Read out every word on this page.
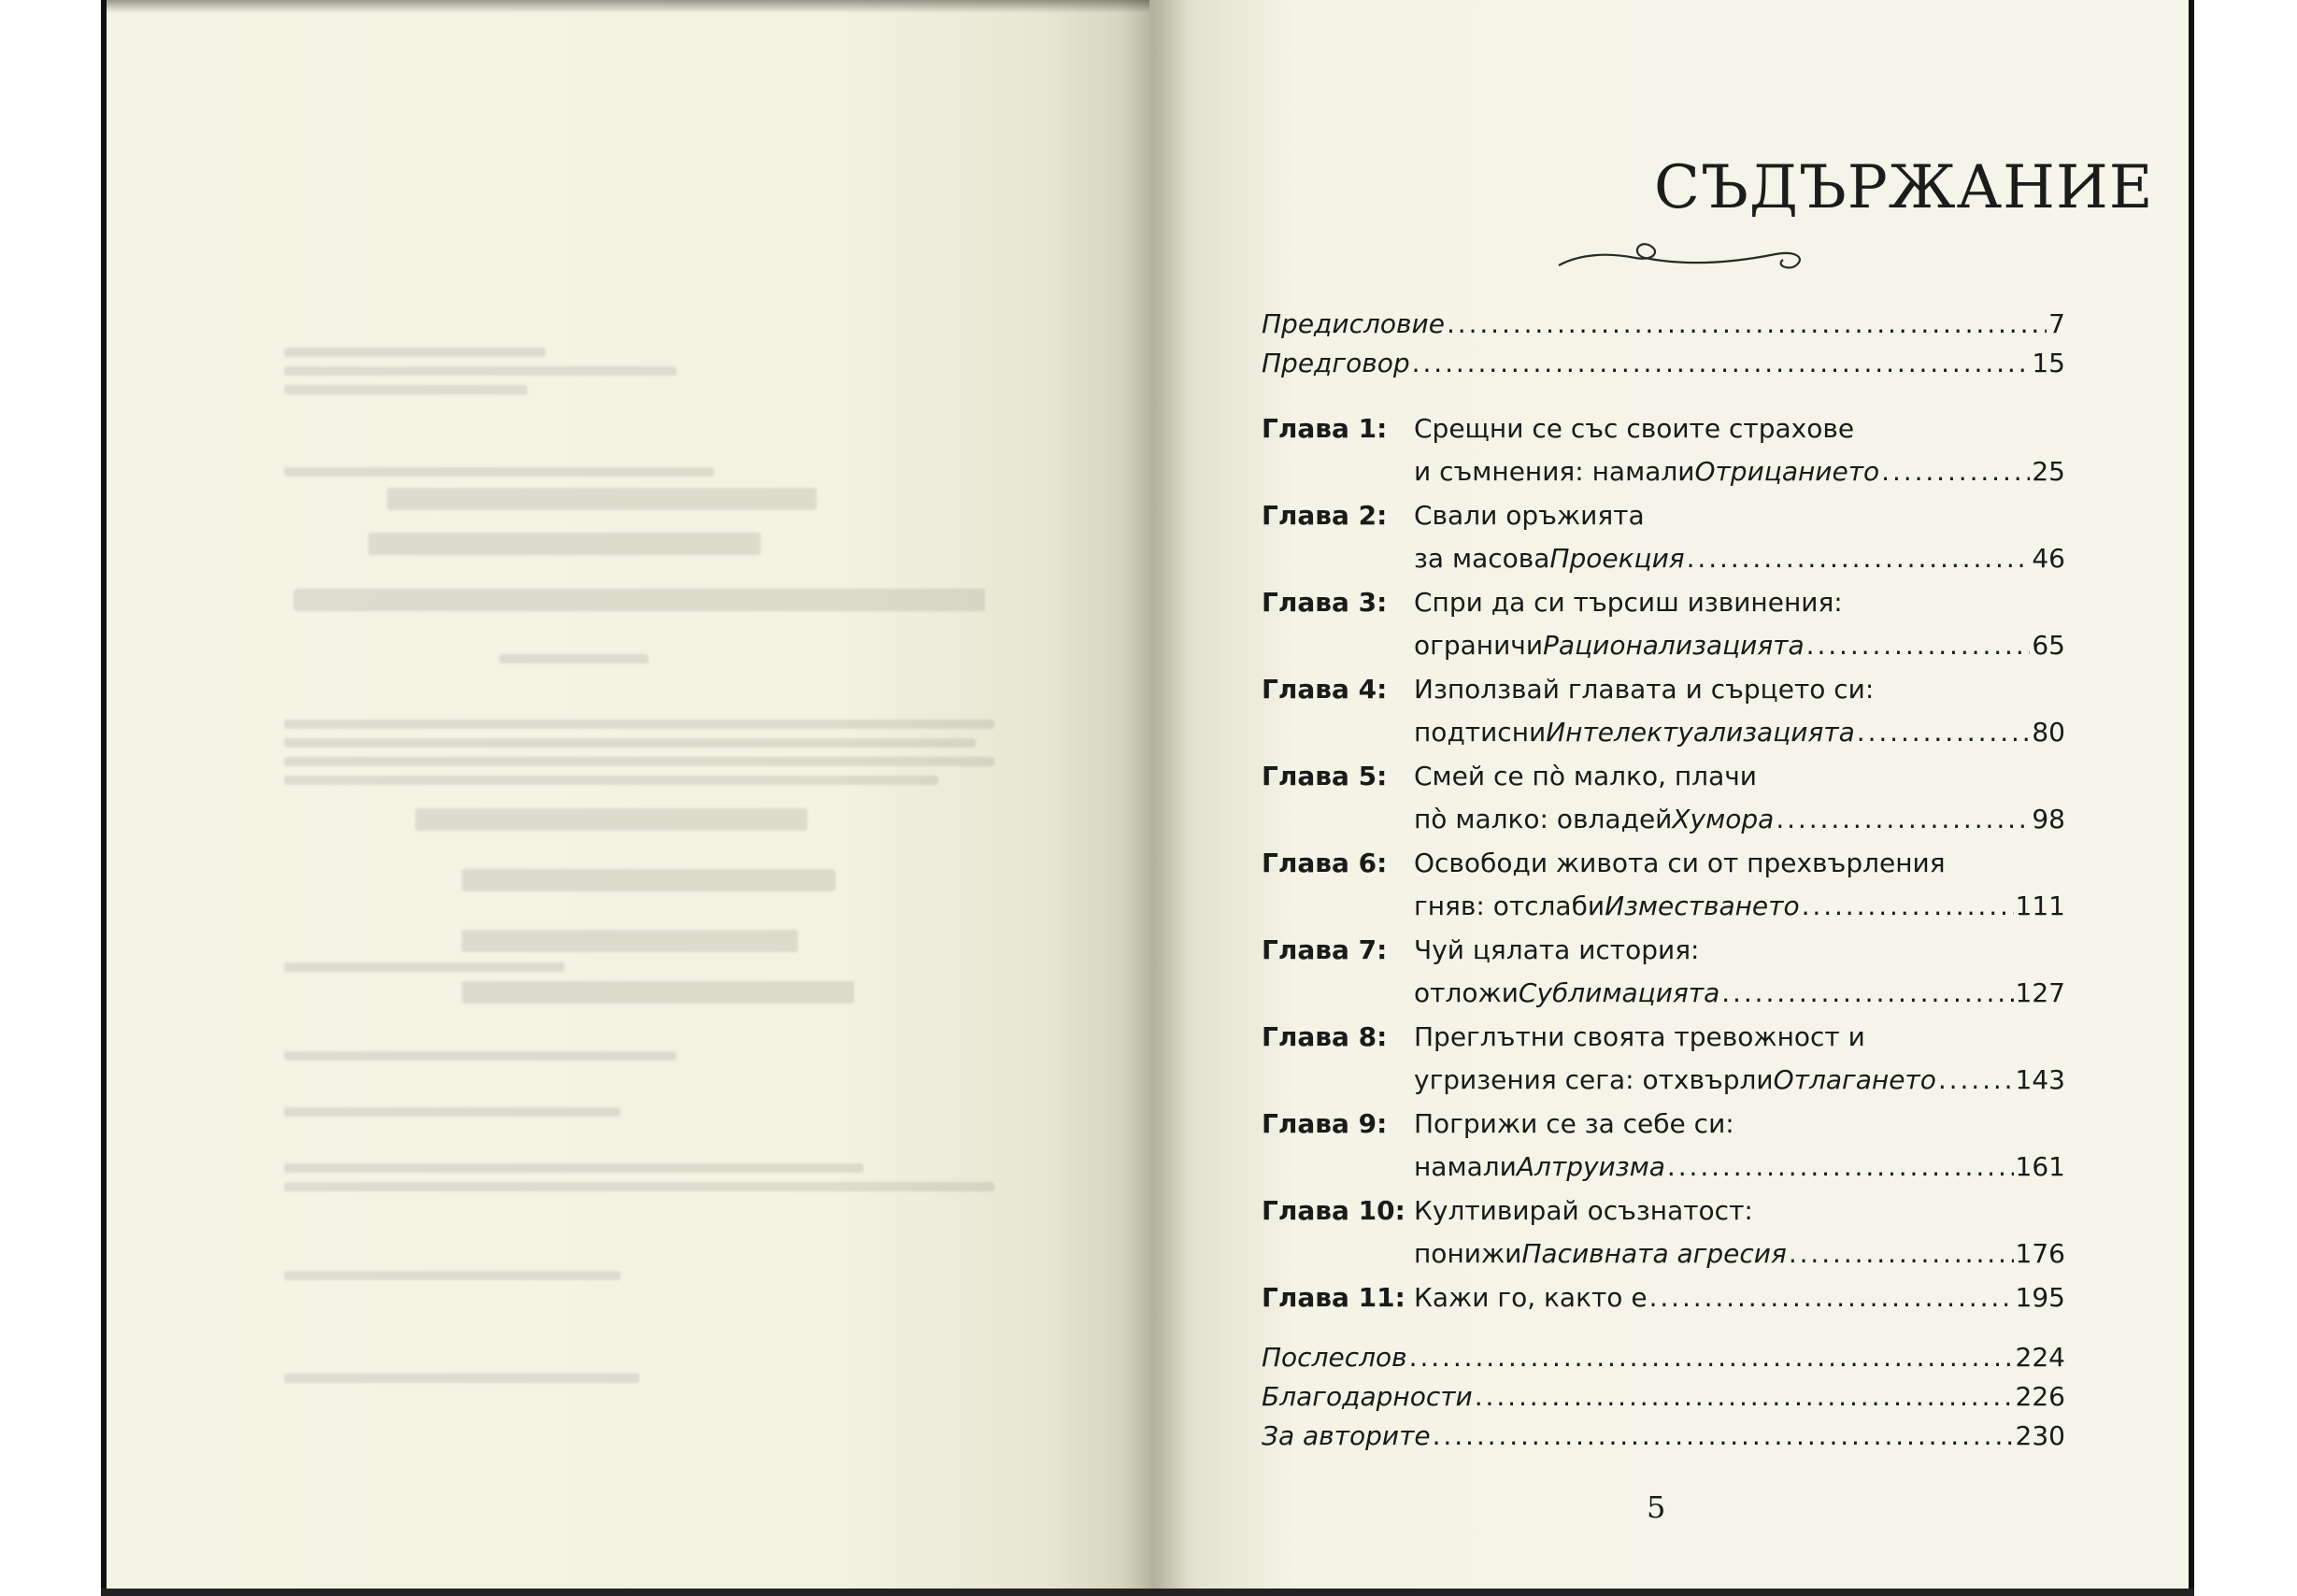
СЪДЪРЖАНИЕ
Предисловие . . .	7
Предговор . . .	15
Глава 1: Срещни се със своите страхове
и съмнения: намали Отрицанието . . .	25
Глава 2: Свали оръжията
за масова Проекция . . .	46
Глава 3: Спри да си търсиш извинения:
ограничи Рационализацията . . .	65
Глава 4: Използвай главата и сърцето си:
подтисни Интелектуализацията . . .	80
Глава 5: Смей се по̀ малко, плачи
по̀ малко: овладей Хумора . . .	98
Глава 6: Освободи живота си от прехвърления
гняв: отслаби Изместването . . .	111
Глава 7: Чуй цялата история:
отложи Сублимацията . . .	127
Глава 8: Преглътни своята тревожност и
угризения сега: отхвърли Отлагането . . .	143
Глава 9: Погрижи се за себе си:
намали Алтруизма . . .	161
Глава 10: Култивирай осъзнатост:
понижи Пасивната агресия . . .	176
Глава 11: Кажи го, както е . . .	195
Послеслов . . .	224
Благодарности . . .	226
За авторите . . .	230
5
